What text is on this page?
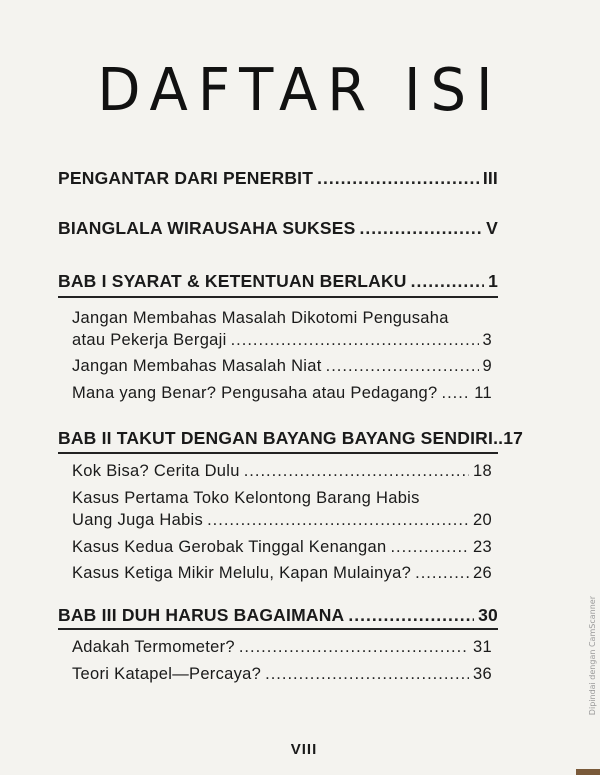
DAFTAR ISI
PENGANTAR DARI PENERBIT .....	III
BIANGLALA WIRAUSAHA SUKSES .....	V
BAB I SYARAT & KETENTUAN BERLAKU .....	1
Jangan Membahas Masalah Dikotomi Pengusaha
atau Pekerja Bergaji .....	3
Jangan Membahas Masalah Niat .....	9
Mana yang Benar? Pengusaha atau Pedagang? ..... 11
BAB II TAKUT DENGAN BAYANG BAYANG SENDIRI.. 17
Kok Bisa? Cerita Dulu .....	18
Kasus Pertama Toko Kelontong Barang Habis
Uang Juga Habis .....	20
Kasus Kedua Gerobak Tinggal Kenangan .....	23
Kasus Ketiga Mikir Melulu, Kapan Mulainya? .....	26
BAB III DUH HARUS BAGAIMANA .....	30
Adakah Termometer? .....	31
Teori Katapel—Percaya? .....	36
VIII
Dipindai dengan CamScanner
